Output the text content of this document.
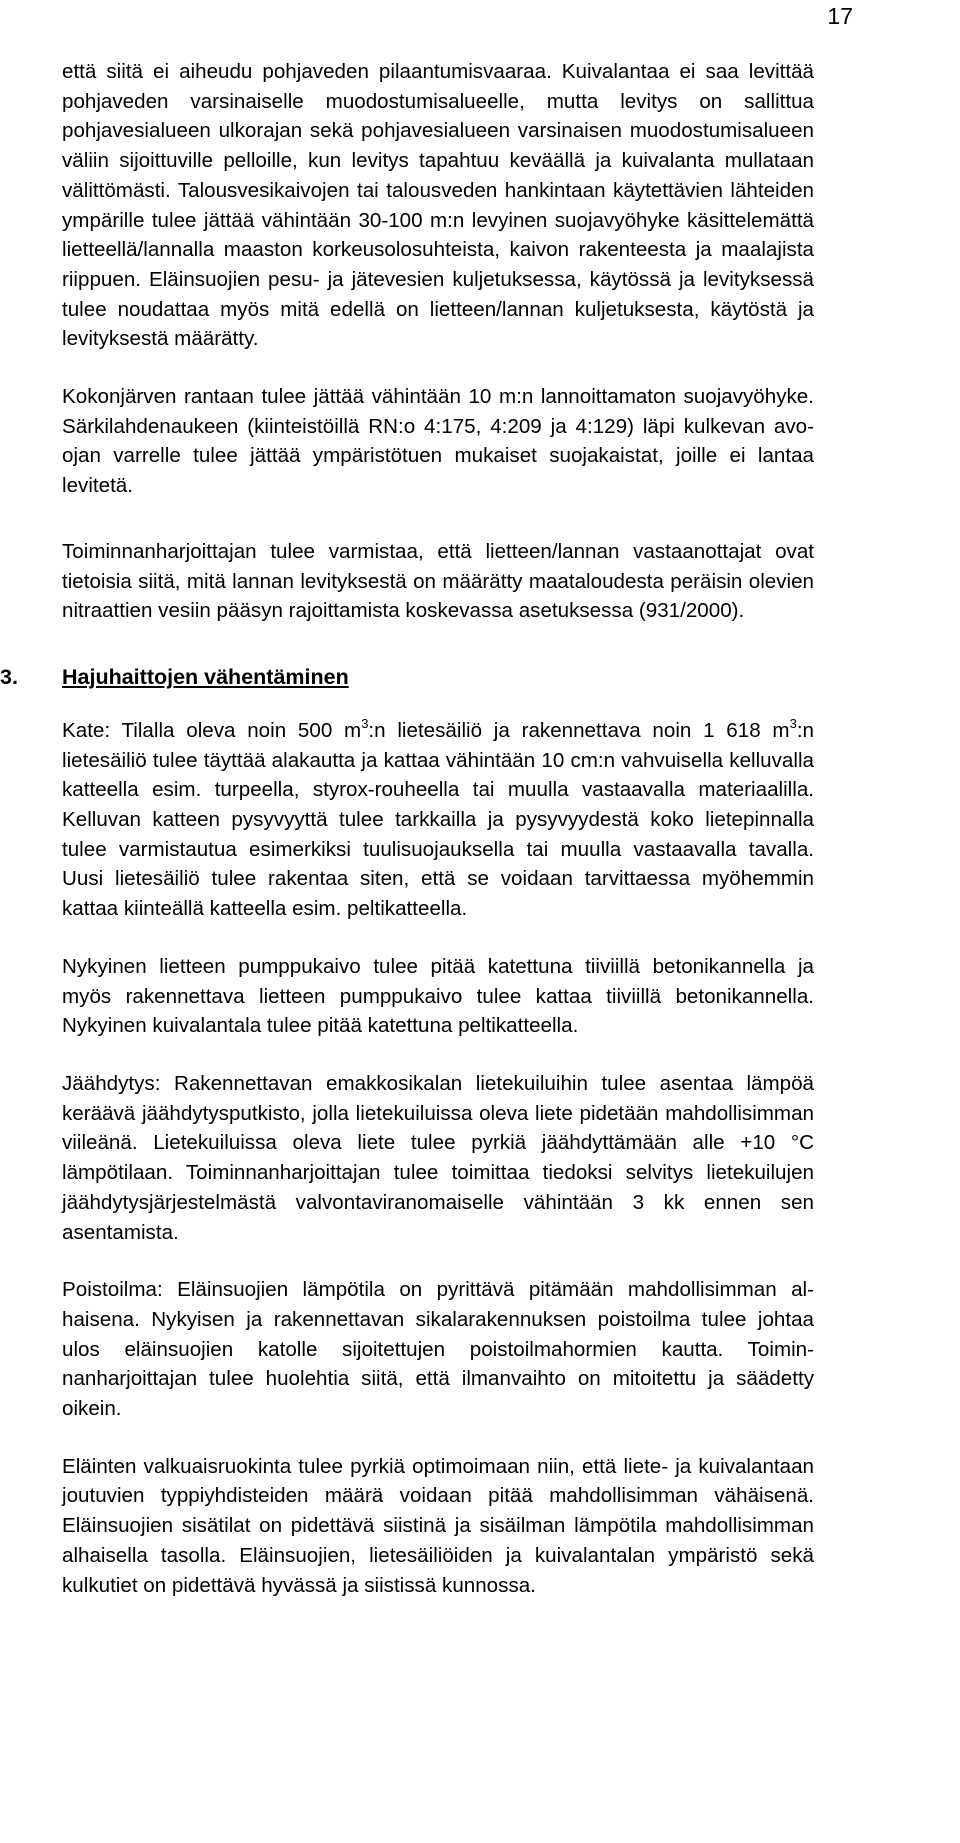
17

että siitä ei aiheudu pohjaveden pilaantumisvaaraa. Kuivalantaa ei saa levittää pohjaveden varsinaiselle muodostumisalueelle, mutta levitys on sallittua pohjavesialueen ulkorajan sekä pohjavesialueen varsinaisen muodostumisalueen väliin sijoittuville pelloille, kun levitys tapahtuu keväällä ja kuivalanta mullataan välittömästi. Talousvesikaivojen tai talousveden hankintaan käytettävien lähteiden ympärille tulee jättää vähintään 30-100 m:n levyinen suojavyöhyke käsittelemättä lietteellä/lannalla maaston korkeusolosuhteista, kaivon rakenteesta ja maalajista riippuen. Eläinsuojien pesu- ja jätevesien kuljetuksessa, käytössä ja levityksessä tulee noudattaa myös mitä edellä on lietteen/lannan kuljetuksesta, käytöstä ja levityksestä määrätty.

Kokonjärven rantaan tulee jättää vähintään 10 m:n lannoittamaton suojavyöhyke. Särkilahdenaukeen (kiinteistöillä RN:o 4:175, 4:209 ja 4:129) läpi kulkevan avo-ojan varrelle tulee jättää ympäristötuen mukaiset suojakaistat, joille ei lantaa levitetä.

Toiminnanharjoittajan tulee varmistaa, että lietteen/lannan vastaanottajat ovat tietoisia siitä, mitä lannan levityksestä on määrätty maataloudesta peräisin olevien nitraattien vesiin pääsyn rajoittamista koskevassa asetuksessa (931/2000).

3.	Hajuhaittojen vähentäminen

Kate: Tilalla oleva noin 500 $m^3:n$ lietesäiliö ja rakennettava noin 1 618 $m^3:n$ lietesäiliö tulee täyttää alakautta ja kattaa vähintään 10 cm:n vahvuisella kelluvalla katteella esim. turpeella, styrox-rouheella tai muulla vastaavalla materiaalilla. Kelluvan katteen pysyvyyttä tulee tarkkailla ja pysyvyydestä koko lietepinnalla tulee varmistautua esimerkiksi tuulisuojauksella tai muulla vastaavalla tavalla. Uusi lietesäiliö tulee rakentaa siten, että se voidaan tarvittaessa myöhemmin kattaa kiinteällä katteella esim. peltikatteella.

Nykyinen lietteen pumppukaivo tulee pitää katettuna tiiviillä betonikannella ja myös rakennettava lietteen pumppukaivo tulee kattaa tiiviillä betonikannella. Nykyinen kuivalantala tulee pitää katettuna peltikatteella.

Jäähdytys: Rakennettavan emakkosikalan lietekuiluihin tulee asentaa lämpöä keräävä jäähdytysputkisto, jolla lietekuiluissa oleva liete pidetään mahdollisimman viileänä. Lietekuiluissa oleva liete tulee pyrkiä jäähdyttämään alle +10 °C lämpötilaan. Toiminnanharjoittajan tulee toimittaa tiedoksi selvitys lietekuilujen jäähdytysjärjestelmästä valvontaviranomaiselle vähintään 3 kk ennen sen asentamista.

Poistoilma: Eläinsuojien lämpötila on pyrittävä pitämään mahdollisimman alhaisena. Nykyisen ja rakennettavan sikalarakennuksen poistoilma tulee johtaa ulos eläinsuojien katolle sijoitettujen poistoilmahormien kautta. Toiminnanharjoittajan tulee huolehtia siitä, että ilmanvaihto on mitoitettu ja säädetty oikein.

Eläinten valkuaisruokinta tulee pyrkiä optimoimaan niin, että liete- ja kuivalantaan joutuvien typpiyhdisteiden määrä voidaan pitää mahdollisimman vähäisenä. Eläinsuojien sisätilat on pidettävä siistinä ja sisäilman lämpötila mahdollisimman alhaisella tasolla. Eläinsuojien, lietesäiliöiden ja kuivalantalan ympäristö sekä kulkutiet on pidettävä hyvässä ja siistissä kunnossa.
